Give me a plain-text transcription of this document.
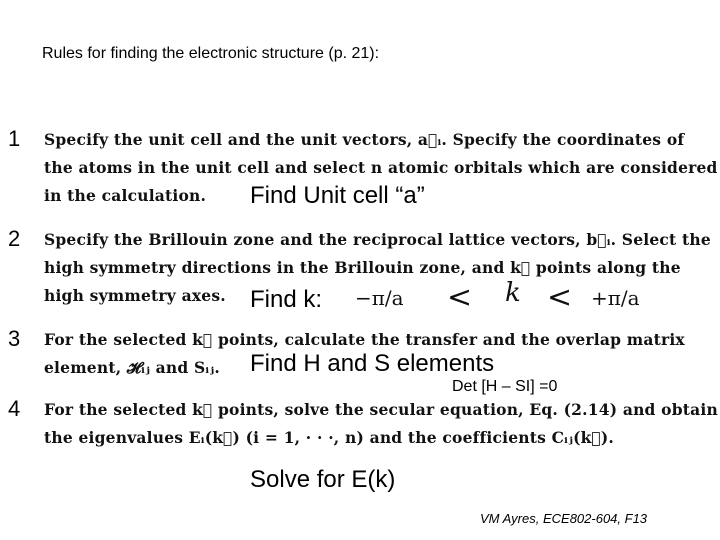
Rules for finding the electronic structure (p. 21):
1 Specify the unit cell and the unit vectors, a⃗ᵢ. Specify the coordinates of
the atoms in the unit cell and select n atomic orbitals which are considered
in the calculation. Find Unit cell “a”
2 Specify the Brillouin zone and the reciprocal lattice vectors, b⃗ᵢ. Select the
high symmetry directions in the Brillouin zone, and k⃗ points along the
high symmetry axes. Find k: −π/a < k < +π/a
3 For the selected k⃗ points, calculate the transfer and the overlap matrix
element, 𝓗ᵢⱼ and Sᵢⱼ. Find H and S elements
Det [H – SI] =0
4 For the selected k⃗ points, solve the secular equation, Eq. (2.14) and obtain
the eigenvalues Eᵢ(k⃗) (i = 1, · · ·, n) and the coefficients Cᵢⱼ(k⃗).
Solve for E(k)
VM Ayres, ECE802-604, F13
